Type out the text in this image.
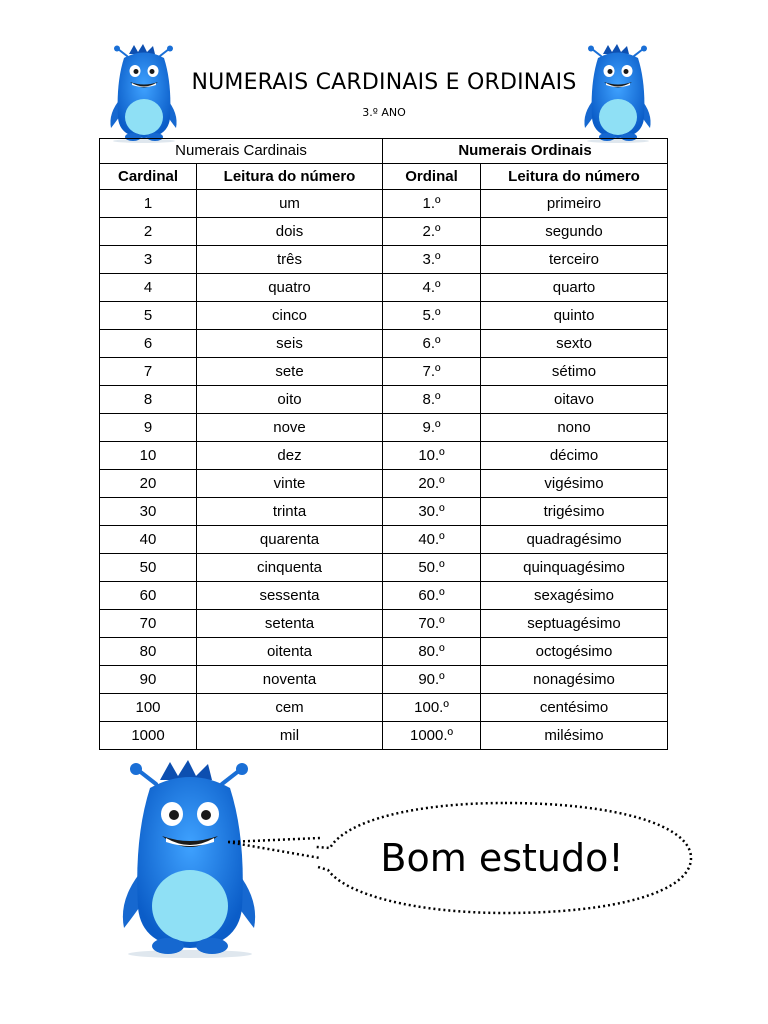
NUMERAIS CARDINAIS E ORDINAIS
3.º ANO
Numerais Cardinais		Numerais Ordinais	
Cardinal	Leitura do número	Ordinal	Leitura do número
1	um	1.º	primeiro
2	dois	2.º	segundo
3	três	3.º	terceiro
4	quatro	4.º	quarto
5	cinco	5.º	quinto
6	seis	6.º	sexto
7	sete	7.º	sétimo
8	oito	8.º	oitavo
9	nove	9.º	nono
10	dez	10.º	décimo
20	vinte	20.º	vigésimo
30	trinta	30.º	trigésimo
40	quarenta	40.º	quadragésimo
50	cinquenta	50.º	quinquagésimo
60	sessenta	60.º	sexagésimo
70	setenta	70.º	septuagésimo
80	oitenta	80.º	octogésimo
90	noventa	90.º	nonagésimo
100	cem	100.º	centésimo
1000	mil	1000.º	milésimo
Bom estudo!
